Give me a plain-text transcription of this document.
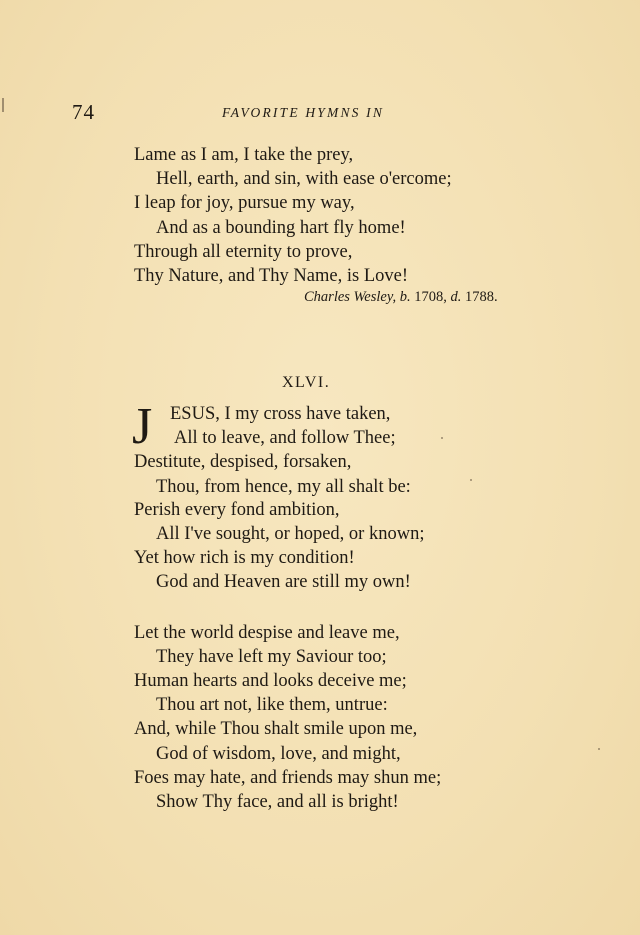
74	FAVORITE HYMNS IN
Lame as I am, I take the prey,
Hell, earth, and sin, with ease o'ercome;
I leap for joy, pursue my way,
And as a bounding hart fly home!
Through all eternity to prove,
Thy Nature, and Thy Name, is Love!
Charles Wesley, b. 1708, d. 1788.
XLVI.
J ESUS, I my cross have taken,
All to leave, and follow Thee;
Destitute, despised, forsaken,
Thou, from hence, my all shalt be:
Perish every fond ambition,
All I've sought, or hoped, or known;
Yet how rich is my condition!
God and Heaven are still my own!
Let the world despise and leave me,
They have left my Saviour too;
Human hearts and looks deceive me;
Thou art not, like them, untrue:
And, while Thou shalt smile upon me,
God of wisdom, love, and might,
Foes may hate, and friends may shun me;
Show Thy face, and all is bright!
